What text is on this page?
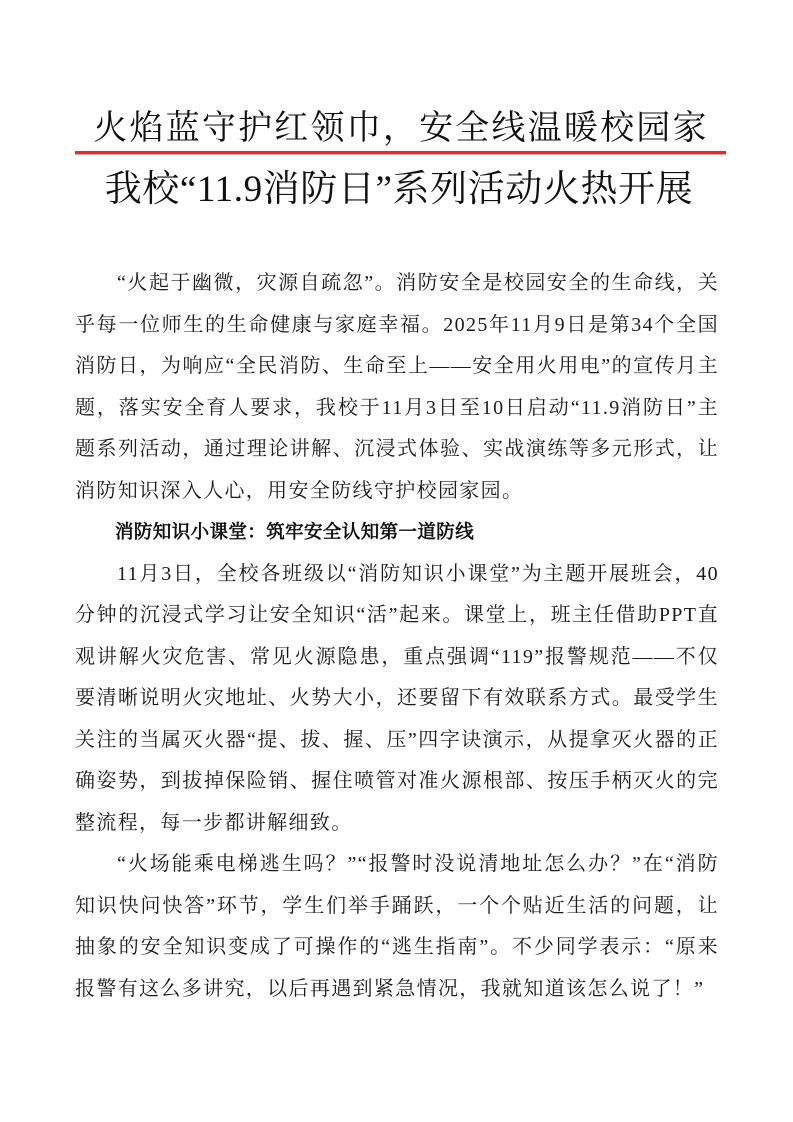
火焰蓝守护红领巾，安全线温暖校园家
我校“11.9消防日”系列活动火热开展

“火起于幽微，灾源自疏忽”。消防安全是校园安全的生命线，关乎每一位师生的生命健康与家庭幸福。2025年11月9日是第34个全国消防日，为响应“全民消防、生命至上——安全用火用电”的宣传月主题，落实安全育人要求，我校于11月3日至10日启动“11.9消防日”主题系列活动，通过理论讲解、沉浸式体验、实战演练等多元形式，让消防知识深入人心，用安全防线守护校园家园。

消防知识小课堂：筑牢安全认知第一道防线

11月3日，全校各班级以“消防知识小课堂”为主题开展班会，40分钟的沉浸式学习让安全知识“活”起来。课堂上，班主任借助PPT直观讲解火灾危害、常见火源隐患，重点强调“119”报警规范——不仅要清晰说明火灾地址、火势大小，还要留下有效联系方式。最受学生关注的当属灭火器“提、拔、握、压”四字诀演示，从提拿灭火器的正确姿势，到拔掉保险销、握住喷管对准火源根部、按压手柄灭火的完整流程，每一步都讲解细致。

“火场能乘电梯逃生吗？”“报警时没说清地址怎么办？”在“消防知识快问快答”环节，学生们举手踊跃，一个个贴近生活的问题，让抽象的安全知识变成了可操作的“逃生指南”。不少同学表示：“原来报警有这么多讲究，以后再遇到紧急情况，我就知道该怎么说了！”
